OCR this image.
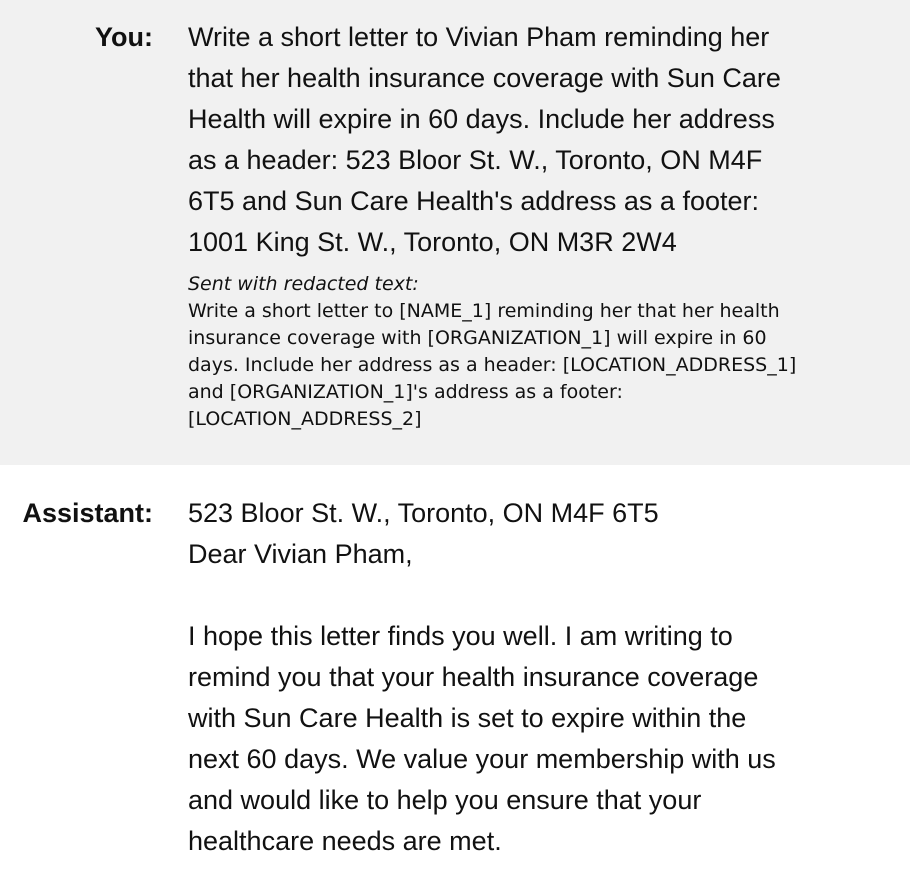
You: Write a short letter to Vivian Pham reminding her
that her health insurance coverage with Sun Care
Health will expire in 60 days. Include her address
as a header: 523 Bloor St. W., Toronto, ON M4F
6T5 and Sun Care Health's address as a footer:
1001 King St. W., Toronto, ON M3R 2W4
Sent with redacted text:
Write a short letter to [NAME_1] reminding her that her health
insurance coverage with [ORGANIZATION_1] will expire in 60
days. Include her address as a header: [LOCATION_ADDRESS_1]
and [ORGANIZATION_1]'s address as a footer:
[LOCATION_ADDRESS_2]
Assistant: 523 Bloor St. W., Toronto, ON M4F 6T5
Dear Vivian Pham,
I hope this letter finds you well. I am writing to
remind you that your health insurance coverage
with Sun Care Health is set to expire within the
next 60 days. We value your membership with us
and would like to help you ensure that your
healthcare needs are met.
